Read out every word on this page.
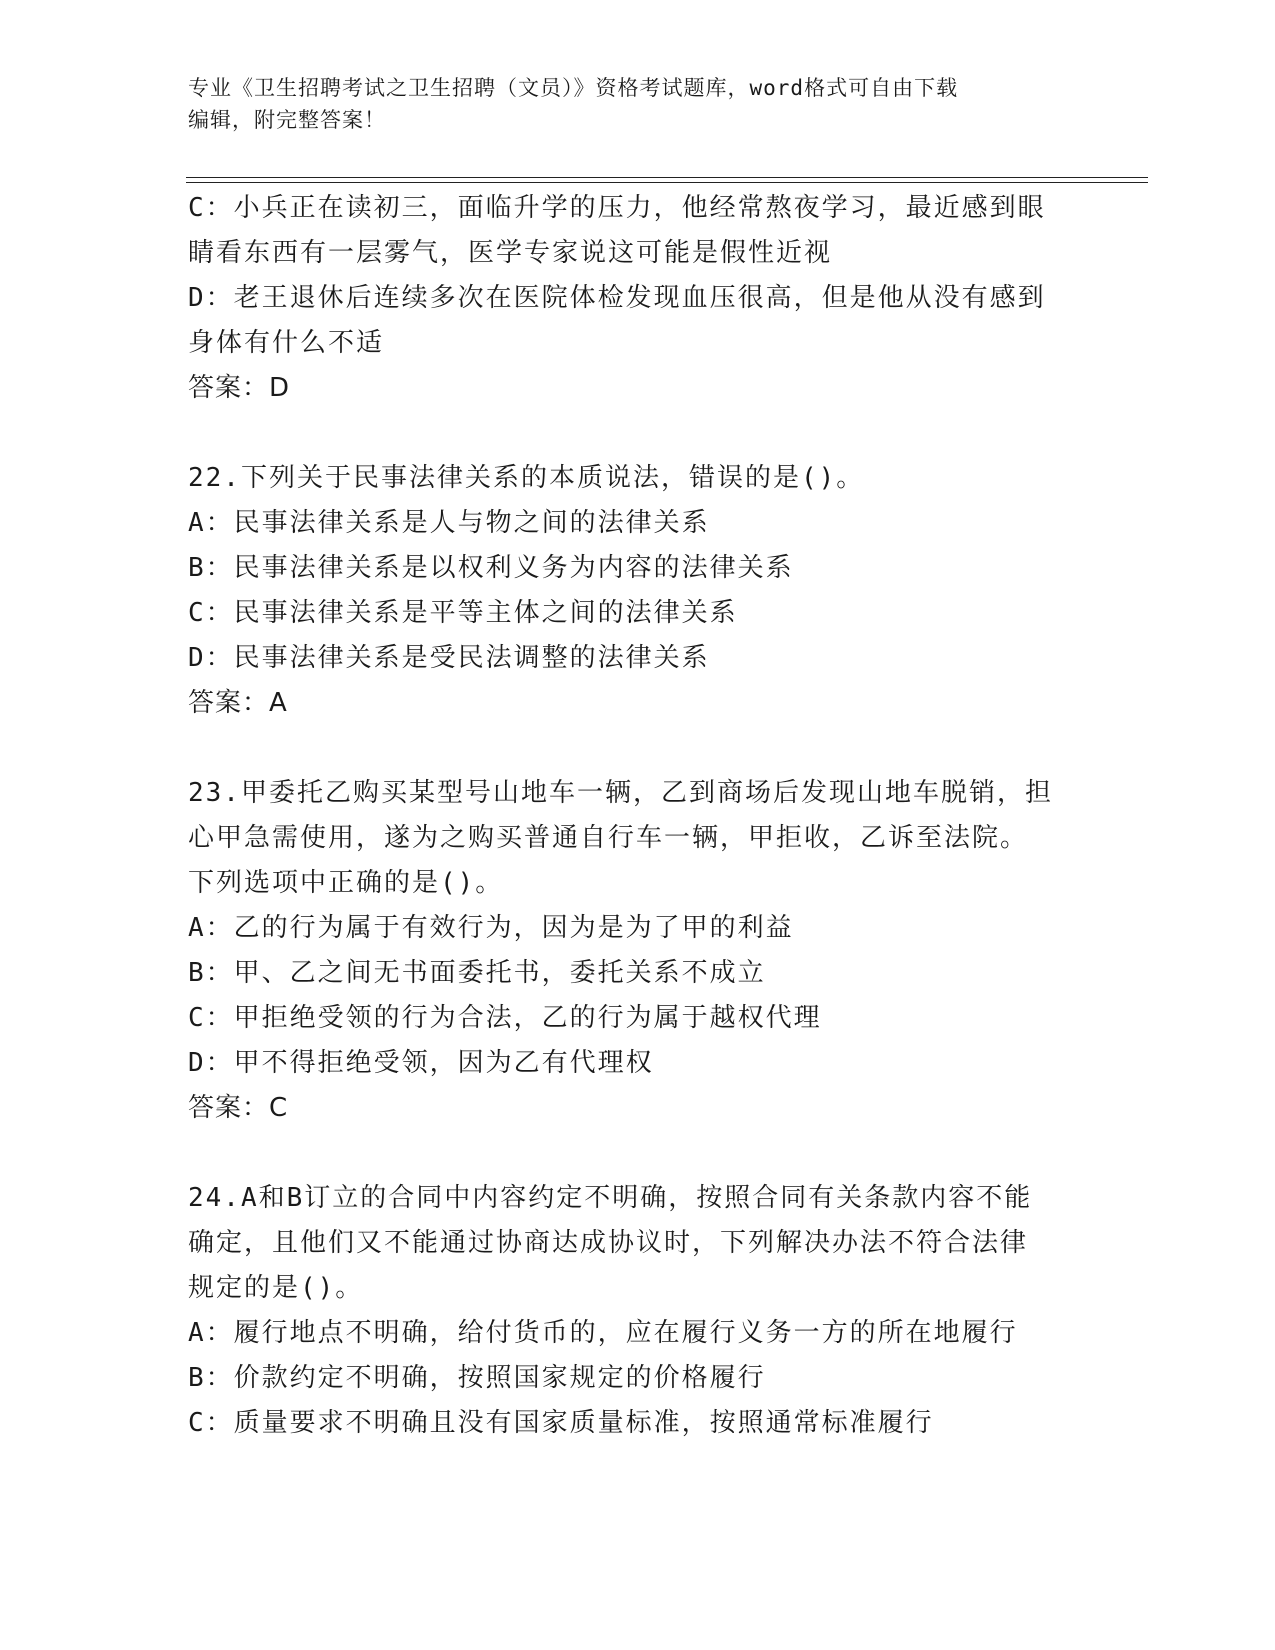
专业《卫生招聘考试之卫生招聘（文员）》资格考试题库，word格式可自由下载
编辑，附完整答案！
C：小兵正在读初三，面临升学的压力，他经常熬夜学习，最近感到眼
睛看东西有一层雾气，医学专家说这可能是假性近视
D：老王退休后连续多次在医院体检发现血压很高，但是他从没有感到
身体有什么不适
答案：D
22.下列关于民事法律关系的本质说法，错误的是()。
A：民事法律关系是人与物之间的法律关系
B：民事法律关系是以权利义务为内容的法律关系
C：民事法律关系是平等主体之间的法律关系
D：民事法律关系是受民法调整的法律关系
答案：A
23.甲委托乙购买某型号山地车一辆，乙到商场后发现山地车脱销，担
心甲急需使用，遂为之购买普通自行车一辆，甲拒收，乙诉至法院。
下列选项中正确的是()。
A：乙的行为属于有效行为，因为是为了甲的利益
B：甲、乙之间无书面委托书，委托关系不成立
C：甲拒绝受领的行为合法，乙的行为属于越权代理
D：甲不得拒绝受领，因为乙有代理权
答案：C
24.A和B订立的合同中内容约定不明确，按照合同有关条款内容不能
确定，且他们又不能通过协商达成协议时，下列解决办法不符合法律
规定的是()。
A：履行地点不明确，给付货币的，应在履行义务一方的所在地履行
B：价款约定不明确，按照国家规定的价格履行
C：质量要求不明确且没有国家质量标准，按照通常标准履行
